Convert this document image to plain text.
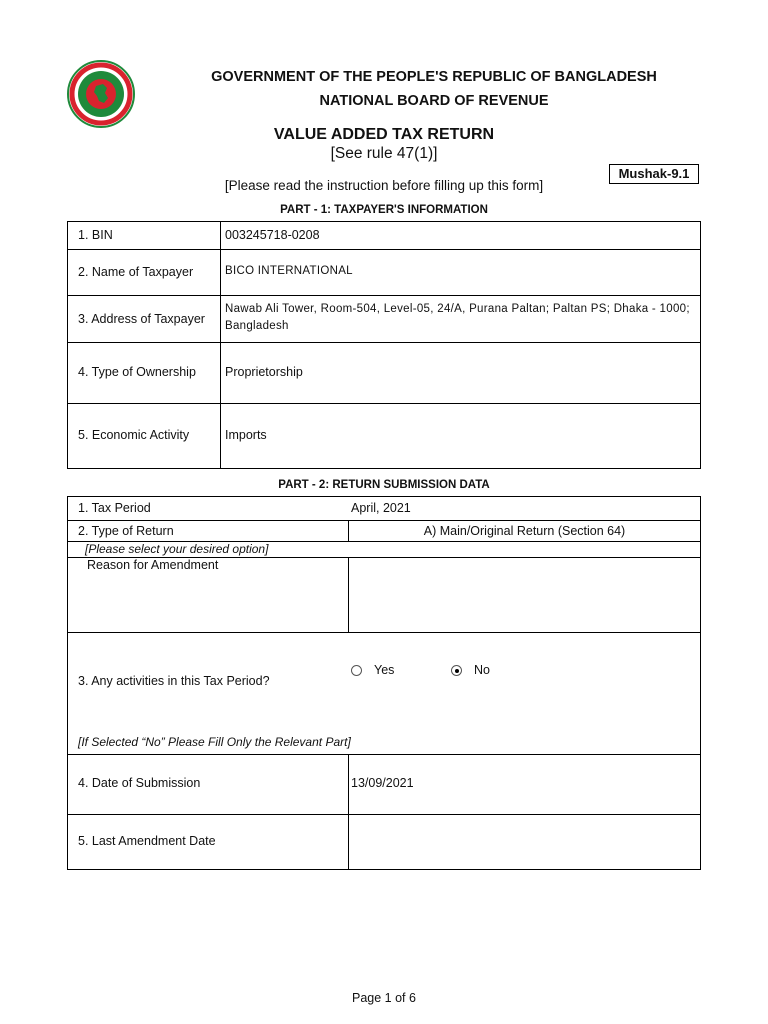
GOVERNMENT OF THE PEOPLE'S REPUBLIC OF BANGLADESH
NATIONAL BOARD OF REVENUE
VALUE ADDED TAX RETURN
[See rule 47(1)]
Mushak-9.1
[Please read the instruction before filling up this form]
PART - 1: TAXPAYER'S INFORMATION
1. BIN	003245718-0208
2. Name of Taxpayer	BICO INTERNATIONAL
3. Address of Taxpayer
Nawab Ali Tower, Room-504, Level-05, 24/A, Purana Paltan; Paltan PS; Dhaka - 1000;
Bangladesh
4. Type of Ownership Proprietorship
5. Economic Activity	Imports
PART - 2: RETURN SUBMISSION DATA
1. Tax Period	April, 2021
2. Type of Return	A) Main/Original Return (Section 64)
[Please select your desired option]
Reason for Amendment
3. Any activities in this Tax Period?
Yes	No
[If Selected “No” Please Fill Only the Relevant Part]
4. Date of Submission	13/09/2021
5. Last Amendment Date
Page 1 of 6
